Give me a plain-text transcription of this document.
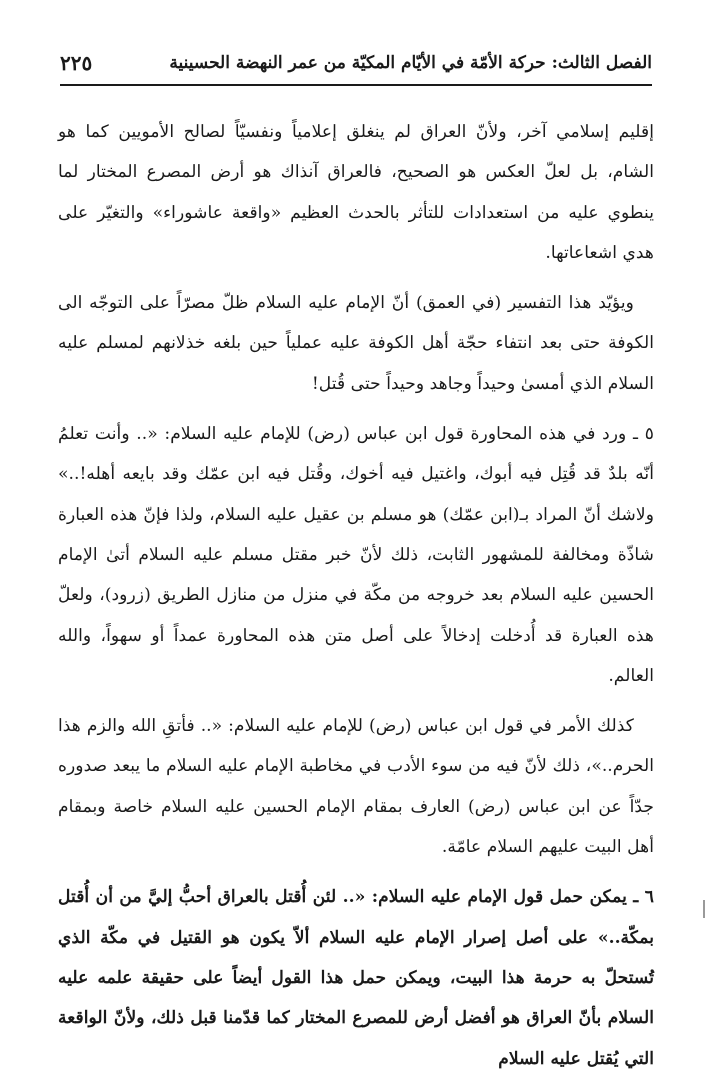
الفصل الثالث: حركة الأمّة في الأيّام المكيّة من عمر النهضة الحسينية
٢٢٥

إقليم إسلامي آخر، ولأنّ العراق لم ينغلق إعلامياً ونفسيّاً لصالح الأمويين كما هو الشام، بل لعلّ العكس هو الصحيح، فالعراق آنذاك هو أرض المصرع المختار لما ينطوي عليه من استعدادات للتأثر بالحدث العظيم «واقعة عاشوراء» والتغيّر على هدي اشعاعاتها.

ويؤيّد هذا التفسير (في العمق) أنّ الإمام عليه السلام ظلّ مصرّاً على التوجّه الى الكوفة حتى بعد انتفاء حجّة أهل الكوفة عليه عملياً حين بلغه خذلانهم لمسلم عليه السلام الذي أمسىٰ وحيداً وجاهد وحيداً حتى قُتل!

٥ ـ ورد في هذه المحاورة قول ابن عباس (رض) للإمام عليه السلام: «.. وأنت تعلمُ أنّه بلدٌ قد قُتِل فيه أبوك، واغتيل فيه أخوك، وقُتل فيه ابن عمّك وقد بايعه أهله!..» ولاشك أنّ المراد بـ(ابن عمّك) هو مسلم بن عقيل عليه السلام، ولذا فإنّ هذه العبارة شاذّة ومخالفة للمشهور الثابت، ذلك لأنّ خبر مقتل مسلم عليه السلام أتىٰ الإمام الحسين عليه السلام بعد خروجه من مكّة في منزل من منازل الطريق (زرود)، ولعلّ هذه العبارة قد أُدخلت إدخالاً على أصل متن هذه المحاورة عمداً أو سهواً، والله العالم.

كذلك الأمر في قول ابن عباس (رض) للإمام عليه السلام: «.. فأتقِ الله والزم هذا الحرم..»، ذلك لأنّ فيه من سوء الأدب في مخاطبة الإمام عليه السلام ما يبعد صدوره جدّاً عن ابن عباس (رض) العارف بمقام الإمام الحسين عليه السلام خاصة وبمقام أهل البيت عليهم السلام عامّة.

٦ ـ يمكن حمل قول الإمام عليه السلام: «.. لئن أُقتل بالعراق أحبُّ إليَّ من أن أُقتل بمكّة..» على أصل إصرار الإمام عليه السلام ألاّ يكون هو القتيل في مكّة الذي تُستحلّ به حرمة هذا البيت، ويمكن حمل هذا القول أيضاً على حقيقة علمه عليه السلام بأنّ العراق هو أفضل أرض للمصرع المختار كما قدّمنا قبل ذلك، ولأنّ الواقعة التي يُقتل عليه السلام
